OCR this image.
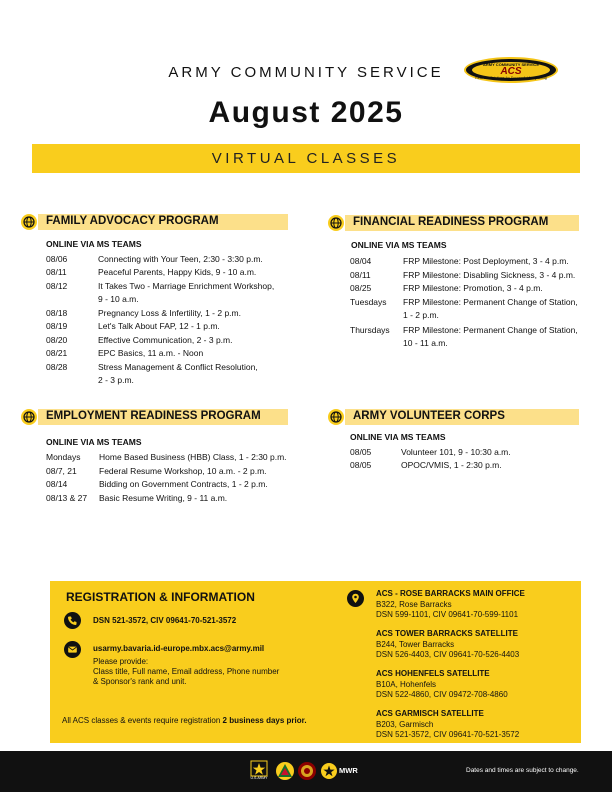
ARMY COMMUNITY SERVICE	ARMY COMMUNITY SERVICE
ACS
Real-Life Solutions for Successful Army Living
August 2025
VIRTUAL CLASSES
FAMILY ADVOCACY PROGRAM
ONLINE VIA MS TEAMS
08/06	Connecting with Your Teen, 2:30 - 3:30 p.m.
08/11	Peaceful Parents, Happy Kids, 9 - 10 a.m.
08/12	It Takes Two - Marriage Enrichment Workshop,
9 - 10 a.m.
08/18	Pregnancy Loss & Infertility, 1 - 2 p.m.
08/19	Let's Talk About FAP, 12 - 1 p.m.
08/20	Effective Communication, 2 - 3 p.m.
08/21	EPC Basics, 11 a.m. - Noon
08/28	Stress Management & Conflict Resolution,
2 - 3 p.m.
FINANCIAL READINESS PROGRAM
ONLINE VIA MS TEAMS
08/04	FRP Milestone: Post Deployment, 3 - 4 p.m.
08/11	FRP Milestone: Disabling Sickness, 3 - 4 p.m.
08/25	FRP Milestone: Promotion, 3 - 4 p.m.
Tuesdays FRP Milestone: Permanent Change of Station,
1 - 2 p.m.
Thursdays FRP Milestone: Permanent Change of Station,
10 - 11 a.m.
EMPLOYMENT READINESS PROGRAM
ONLINE VIA MS TEAMS
Mondays Home Based Business (HBB) Class, 1 - 2:30 p.m.
08/7, 21	Federal Resume Workshop, 10 a.m. - 2 p.m.
08/14	Bidding on Government Contracts, 1 - 2 p.m.
08/13 & 27 Basic Resume Writing, 9 - 11 a.m.
ARMY VOLUNTEER CORPS
ONLINE VIA MS TEAMS
08/05	Volunteer 101, 9 - 10:30 a.m.
08/05	OPOC/VMIS, 1 - 2:30 p.m.
REGISTRATION & INFORMATION
DSN 521-3572, CIV 09641-70-521-3572
usarmy.bavaria.id-europe.mbx.acs@army.mil
Please provide:
Class title, Full name, Email address, Phone number
& Sponsor's rank and unit.
All ACS classes & events require registration 2 business days prior.
ACS - ROSE BARRACKS MAIN OFFICE
B322, Rose Barracks
DSN 599-1101, CIV 09641-70-599-1101
ACS TOWER BARRACKS SATELLITE
B244, Tower Barracks
DSN 526-4403, CIV 09641-70-526-4403
ACS HOHENFELS SATELLITE
B10A, Hohenfels
DSN 522-4860, CIV 09472-708-4860
ACS GARMISCH SATELLITE
B203, Garmisch
DSN 521-3572, CIV 09641-70-521-3572
U.S.ARMY
MWR	Dates and times are subject to change.
